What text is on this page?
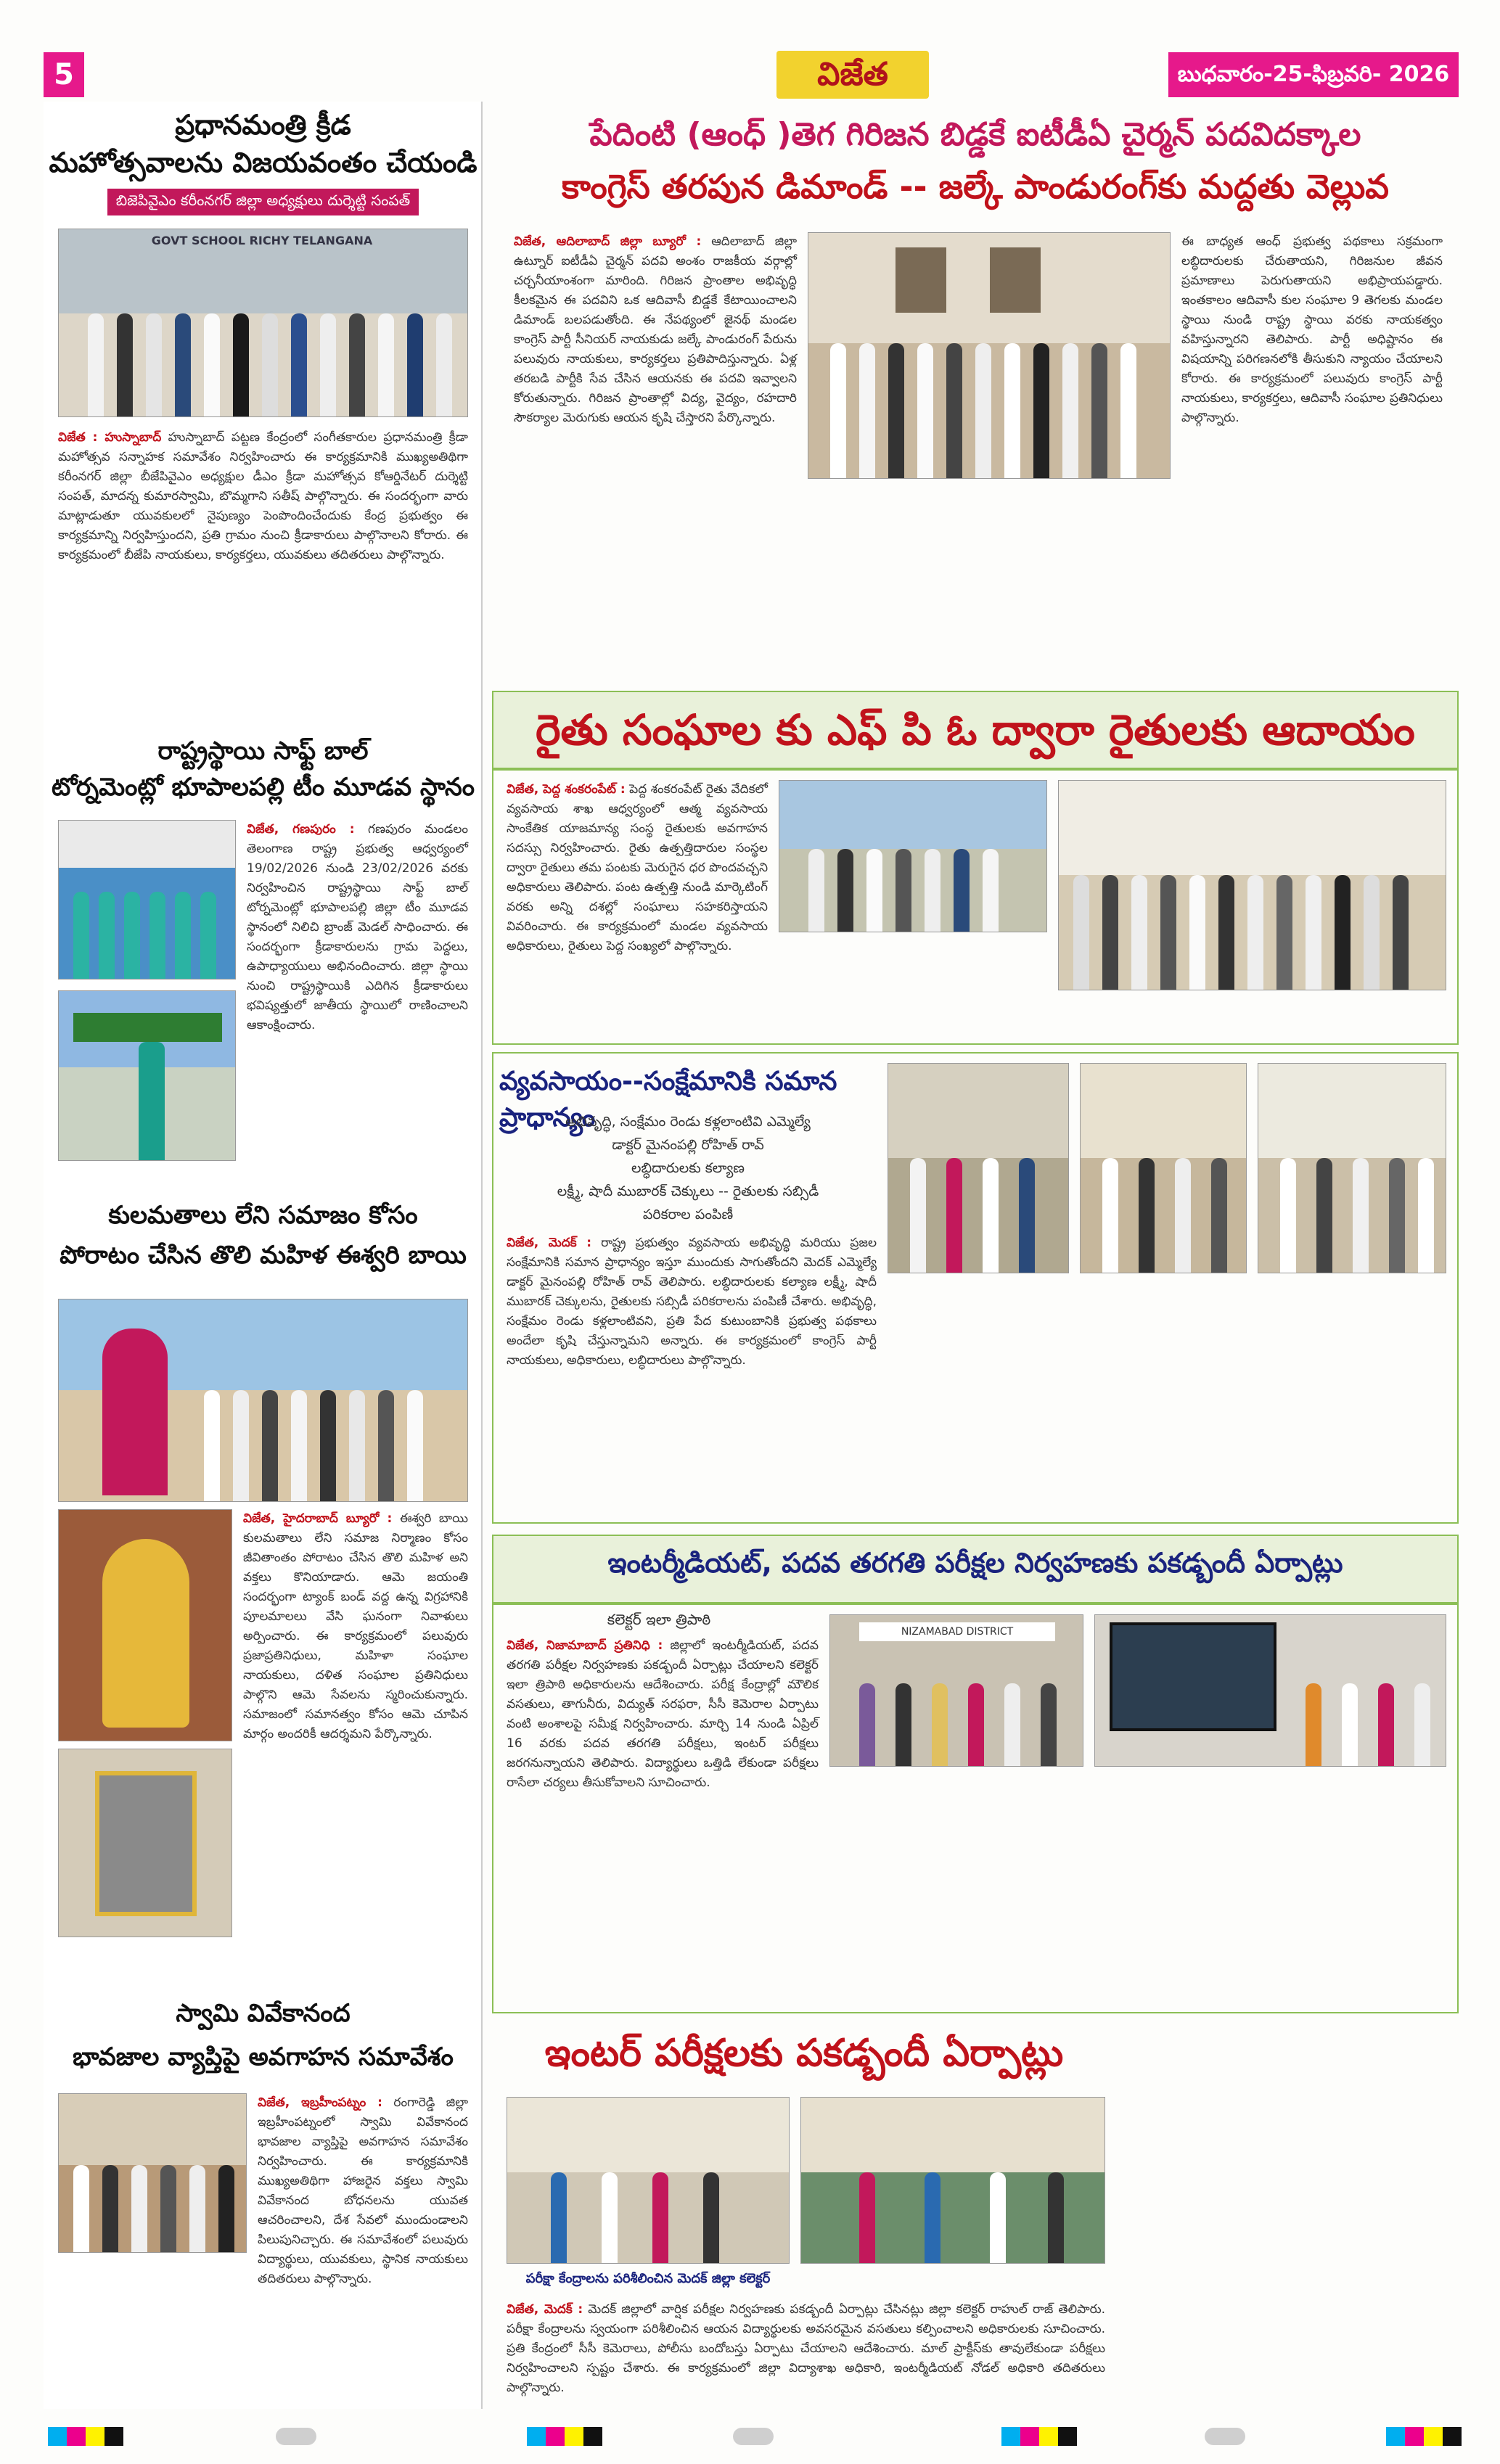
5	విజేత	బుధవారం-25-ఫిబ్రవరి- 2026
ప్రధానమంత్రి క్రీడ
మహోత్సవాలను విజయవంతం చేయండి
బిజెపివైఎం కరీంనగర్ జిల్లా అధ్యక్షులు దుర్శెట్టి సంపత్
GOVT SCHOOL RICHY TELANGANA
విజేత : హుస్నాబాద్ హుస్నాబాద్ పట్టణ కేంద్రంలో సంగీతకారుల ప్రధానమంత్రి క్రీడా మహోత్సవ సన్నాహక సమావేశం నిర్వహించారు ఈ కార్యక్రమానికి ముఖ్యఅతిథిగా కరీంనగర్ జిల్లా బీజేపివైఎం అధ్యక్షుల డీఎం క్రీడా మహోత్సవ కోఆర్డినేటర్ దుర్శెట్టి సంపత్, మాదన్న కుమారస్వామి, బొమ్మగాని సతీష్ పాల్గొన్నారు. ఈ సందర్భంగా వారు మాట్లాడుతూ యువకులలో నైపుణ్యం పెంపొందించేందుకు కేంద్ర ప్రభుత్వం ఈ కార్యక్రమాన్ని నిర్వహిస్తుందని, ప్రతి గ్రామం నుంచి క్రీడాకారులు పాల్గొనాలని కోరారు. ఈ కార్యక్రమంలో బీజేపి నాయకులు, కార్యకర్తలు, యువకులు తదితరులు పాల్గొన్నారు.
రాష్ట్రస్థాయి సాఫ్ట్ బాల్
టోర్నమెంట్లో భూపాలపల్లి టీం మూడవ స్థానం
విజేత, గణపురం : గణపురం మండలం తెలంగాణ రాష్ట్ర ప్రభుత్వ ఆధ్వర్యంలో 19/02/2026 నుండి 23/02/2026 వరకు నిర్వహించిన రాష్ట్రస్థాయి సాఫ్ట్ బాల్ టోర్నమెంట్లో భూపాలపల్లి జిల్లా టీం మూడవ స్థానంలో నిలిచి బ్రాంజ్ మెడల్ సాధించారు. ఈ సందర్భంగా క్రీడాకారులను గ్రామ పెద్దలు, ఉపాధ్యాయులు అభినందించారు. జిల్లా స్థాయి నుంచి రాష్ట్రస్థాయికి ఎదిగిన క్రీడాకారులు భవిష్యత్తులో జాతీయ స్థాయిలో రాణించాలని ఆకాంక్షించారు.
కులమతాలు లేని సమాజం కోసం
పోరాటం చేసిన తొలి మహిళ ఈశ్వరి బాయి
విజేత, హైదరాబాద్ బ్యూరో : ఈశ్వరి బాయి కులమతాలు లేని సమాజ నిర్మాణం కోసం జీవితాంతం పోరాటం చేసిన తొలి మహిళ అని వక్తలు కొనియాడారు. ఆమె జయంతి సందర్భంగా ట్యాంక్ బండ్ వద్ద ఉన్న విగ్రహానికి పూలమాలలు వేసి ఘనంగా నివాళులు అర్పించారు. ఈ కార్యక్రమంలో పలువురు ప్రజాప్రతినిధులు, మహిళా సంఘాల నాయకులు, దళిత సంఘాల ప్రతినిధులు పాల్గొని ఆమె సేవలను స్మరించుకున్నారు. సమాజంలో సమానత్వం కోసం ఆమె చూపిన మార్గం అందరికీ ఆదర్శమని పేర్కొన్నారు.
స్వామి వివేకానంద
భావజాల వ్యాప్తిపై అవగాహన సమావేశం
విజేత, ఇబ్రహీంపట్నం : రంగారెడ్డి జిల్లా ఇబ్రహీంపట్నంలో స్వామి వివేకానంద భావజాల వ్యాప్తిపై అవగాహన సమావేశం నిర్వహించారు. ఈ కార్యక్రమానికి ముఖ్యఅతిథిగా హాజరైన వక్తలు స్వామి వివేకానంద బోధనలను యువత ఆచరించాలని, దేశ సేవలో ముందుండాలని పిలుపునిచ్చారు. ఈ సమావేశంలో పలువురు విద్యార్థులు, యువకులు, స్థానిక నాయకులు తదితరులు పాల్గొన్నారు.
పేదింటి (ఆంధ్ )తెగ గిరిజన బిడ్డకే ఐటీడీఏ చైర్మన్ పదవిదక్కాల
కాంగ్రెస్ తరపున డిమాండ్ -- జల్కే పాండురంగ్‌కు మద్దతు వెల్లువ
విజేత, ఆదిలాబాద్ జిల్లా బ్యూరో : ఆదిలాబాద్ జిల్లా ఉట్నూర్ ఐటీడీఏ చైర్మన్ పదవి అంశం రాజకీయ వర్గాల్లో చర్చనీయాంశంగా మారింది. గిరిజన ప్రాంతాల అభివృద్ధి కీలకమైన ఈ పదవిని ఒక ఆదివాసీ బిడ్డకే కేటాయించాలని డిమాండ్ బలపడుతోంది. ఈ నేపథ్యంలో జైనథ్ మండల కాంగ్రెస్ పార్టీ సీనియర్ నాయకుడు జల్కే పాండురంగ్ పేరును పలువురు నాయకులు, కార్యకర్తలు ప్రతిపాదిస్తున్నారు. ఏళ్ల తరబడి పార్టీకి సేవ చేసిన ఆయనకు ఈ పదవి ఇవ్వాలని కోరుతున్నారు. గిరిజన ప్రాంతాల్లో విద్య, వైద్యం, రహదారి సౌకర్యాల మెరుగుకు ఆయన కృషి చేస్తారని పేర్కొన్నారు.
ఈ బాధ్యత ఆంధ్ ప్రభుత్వ పథకాలు సక్రమంగా లబ్ధిదారులకు చేరుతాయని, గిరిజనుల జీవన ప్రమాణాలు పెరుగుతాయని అభిప్రాయపడ్డారు. ఇంతకాలం ఆదివాసీ కుల సంఘాల 9 తెగలకు మండల స్థాయి నుండి రాష్ట్ర స్థాయి వరకు నాయకత్వం వహిస్తున్నారని తెలిపారు. పార్టీ అధిష్టానం ఈ విషయాన్ని పరిగణనలోకి తీసుకుని న్యాయం చేయాలని కోరారు. ఈ కార్యక్రమంలో పలువురు కాంగ్రెస్ పార్టీ నాయకులు, కార్యకర్తలు, ఆదివాసీ సంఘాల ప్రతినిధులు పాల్గొన్నారు.
రైతు సంఘాల కు ఎఫ్ పి ఓ ద్వారా రైతులకు ఆదాయం
విజేత, పెద్ద శంకరంపేట్ : పెద్ద శంకరంపేట్ రైతు వేదికలో వ్యవసాయ శాఖ ఆధ్వర్యంలో ఆత్మ వ్యవసాయ సాంకేతిక యాజమాన్య సంస్థ రైతులకు అవగాహన సదస్సు నిర్వహించారు. రైతు ఉత్పత్తిదారుల సంస్థల ద్వారా రైతులు తమ పంటకు మెరుగైన ధర పొందవచ్చని అధికారులు తెలిపారు. పంట ఉత్పత్తి నుండి మార్కెటింగ్ వరకు అన్ని దశల్లో సంఘాలు సహకరిస్తాయని వివరించారు. ఈ కార్యక్రమంలో మండల వ్యవసాయ అధికారులు, రైతులు పెద్ద సంఖ్యలో పాల్గొన్నారు.
వ్యవసాయం--సంక్షేమానికి సమాన ప్రాధాన్యం
అభివృద్ధి, సంక్షేమం రెండు కళ్లలాంటివి ఎమ్మెల్యే
డాక్టర్ మైనంపల్లి రోహిత్ రావ్
లబ్ధిదారులకు కల్యాణ
లక్ష్మీ, షాదీ ముబారక్ చెక్కులు -- రైతులకు సబ్సిడీ
పరికరాల పంపిణీ
విజేత, మెదక్ : రాష్ట్ర ప్రభుత్వం వ్యవసాయ అభివృద్ధి మరియు ప్రజల సంక్షేమానికి సమాన ప్రాధాన్యం ఇస్తూ ముందుకు సాగుతోందని మెదక్ ఎమ్మెల్యే డాక్టర్ మైనంపల్లి రోహిత్ రావ్ తెలిపారు. లబ్ధిదారులకు కల్యాణ లక్ష్మీ, షాదీ ముబారక్ చెక్కులను, రైతులకు సబ్సిడీ పరికరాలను పంపిణీ చేశారు. అభివృద్ధి, సంక్షేమం రెండు కళ్లలాంటివని, ప్రతి పేద కుటుంబానికి ప్రభుత్వ పథకాలు అందేలా కృషి చేస్తున్నామని అన్నారు. ఈ కార్యక్రమంలో కాంగ్రెస్ పార్టీ నాయకులు, అధికారులు, లబ్ధిదారులు పాల్గొన్నారు.
ఇంటర్మీడియట్, పదవ తరగతి పరీక్షల నిర్వహణకు పకడ్బందీ ఏర్పాట్లు
కలెక్టర్ ఇలా త్రిపాఠి
విజేత, నిజామాబాద్ ప్రతినిధి : జిల్లాలో ఇంటర్మీడియట్, పదవ తరగతి పరీక్షల నిర్వహణకు పకడ్బందీ ఏర్పాట్లు చేయాలని కలెక్టర్ ఇలా త్రిపాఠి అధికారులను ఆదేశించారు. పరీక్ష కేంద్రాల్లో మౌలిక వసతులు, తాగునీరు, విద్యుత్ సరఫరా, సీసీ కెమెరాల ఏర్పాటు వంటి అంశాలపై సమీక్ష నిర్వహించారు. మార్చి 14 నుండి ఏప్రిల్ 16 వరకు పదవ తరగతి పరీక్షలు, ఇంటర్ పరీక్షలు జరగనున్నాయని తెలిపారు. విద్యార్థులు ఒత్తిడి లేకుండా పరీక్షలు రాసేలా చర్యలు తీసుకోవాలని సూచించారు.
NIZAMABAD DISTRICT
ఇంటర్ పరీక్షలకు పకడ్బందీ ఏర్పాట్లు
పరీక్షా కేంద్రాలను పరిశీలించిన మెదక్ జిల్లా కలెక్టర్
విజేత, మెదక్ : మెదక్ జిల్లాలో వార్షిక పరీక్షల నిర్వహణకు పకడ్బందీ ఏర్పాట్లు చేసినట్లు జిల్లా కలెక్టర్ రాహుల్ రాజ్ తెలిపారు. పరీక్షా కేంద్రాలను స్వయంగా పరిశీలించిన ఆయన విద్యార్థులకు అవసరమైన వసతులు కల్పించాలని అధికారులకు సూచించారు. ప్రతి కేంద్రంలో సీసీ కెమెరాలు, పోలీసు బందోబస్తు ఏర్పాటు చేయాలని ఆదేశించారు. మాల్ ప్రాక్టీస్‌కు తావులేకుండా పరీక్షలు నిర్వహించాలని స్పష్టం చేశారు. ఈ కార్యక్రమంలో జిల్లా విద్యాశాఖ అధికారి, ఇంటర్మీడియట్ నోడల్ అధికారి తదితరులు పాల్గొన్నారు.
